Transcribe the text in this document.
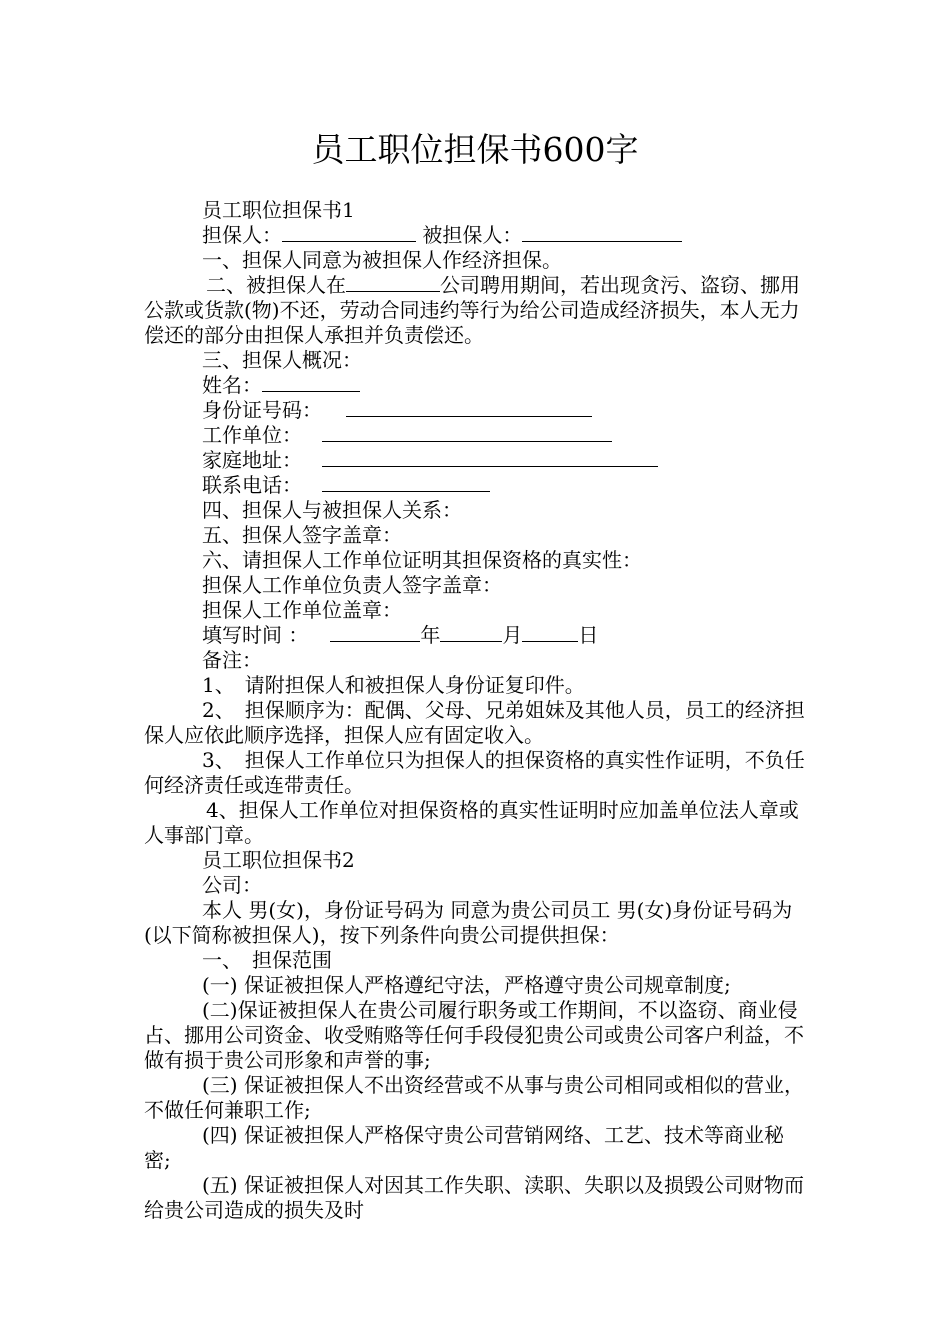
员工职位担保书600字

员工职位担保书1

担保人：	被担保人：

一、担保人同意为被担保人作经济担保。

二、被担保人在	公司聘用期间，若出现贪污、盗窃、挪用公款或货款(物)不还，劳动合同违约等行为给公司造成经济损失，本人无力偿还的部分由担保人承担并负责偿还。

三、担保人概况：

姓名：

身份证号码：

工作单位：

家庭地址：

联系电话：

四、担保人与被担保人关系：

五、担保人签字盖章：

六、请担保人工作单位证明其担保资格的真实性：

担保人工作单位负责人签字盖章：

担保人工作单位盖章：

填写时间 ：	年	月	日

备注：

1、　请附担保人和被担保人身份证复印件。

2、　担保顺序为：配偶、父母、兄弟姐妹及其他人员，员工的经济担保人应依此顺序选择，担保人应有固定收入。

3、　担保人工作单位只为担保人的担保资格的真实性作证明，不负任何经济责任或连带责任。

4、担保人工作单位对担保资格的真实性证明时应加盖单位法人章或人事部门章。

员工职位担保书2

公司：

本人 男(女)，身份证号码为 同意为贵公司员工 男(女)身份证号码为 (以下简称被担保人)，按下列条件向贵公司提供担保：

一、　担保范围

(一) 保证被担保人严格遵纪守法，严格遵守贵公司规章制度;

(二)保证被担保人在贵公司履行职务或工作期间，不以盗窃、商业侵占、挪用公司资金、收受贿赂等任何手段侵犯贵公司或贵公司客户利益，不做有损于贵公司形象和声誉的事;

(三) 保证被担保人不出资经营或不从事与贵公司相同或相似的营业，不做任何兼职工作;

(四) 保证被担保人严格保守贵公司营销网络、工艺、技术等商业秘密;

(五) 保证被担保人对因其工作失职、渎职、失职以及损毁公司财物而给贵公司造成的损失及时
